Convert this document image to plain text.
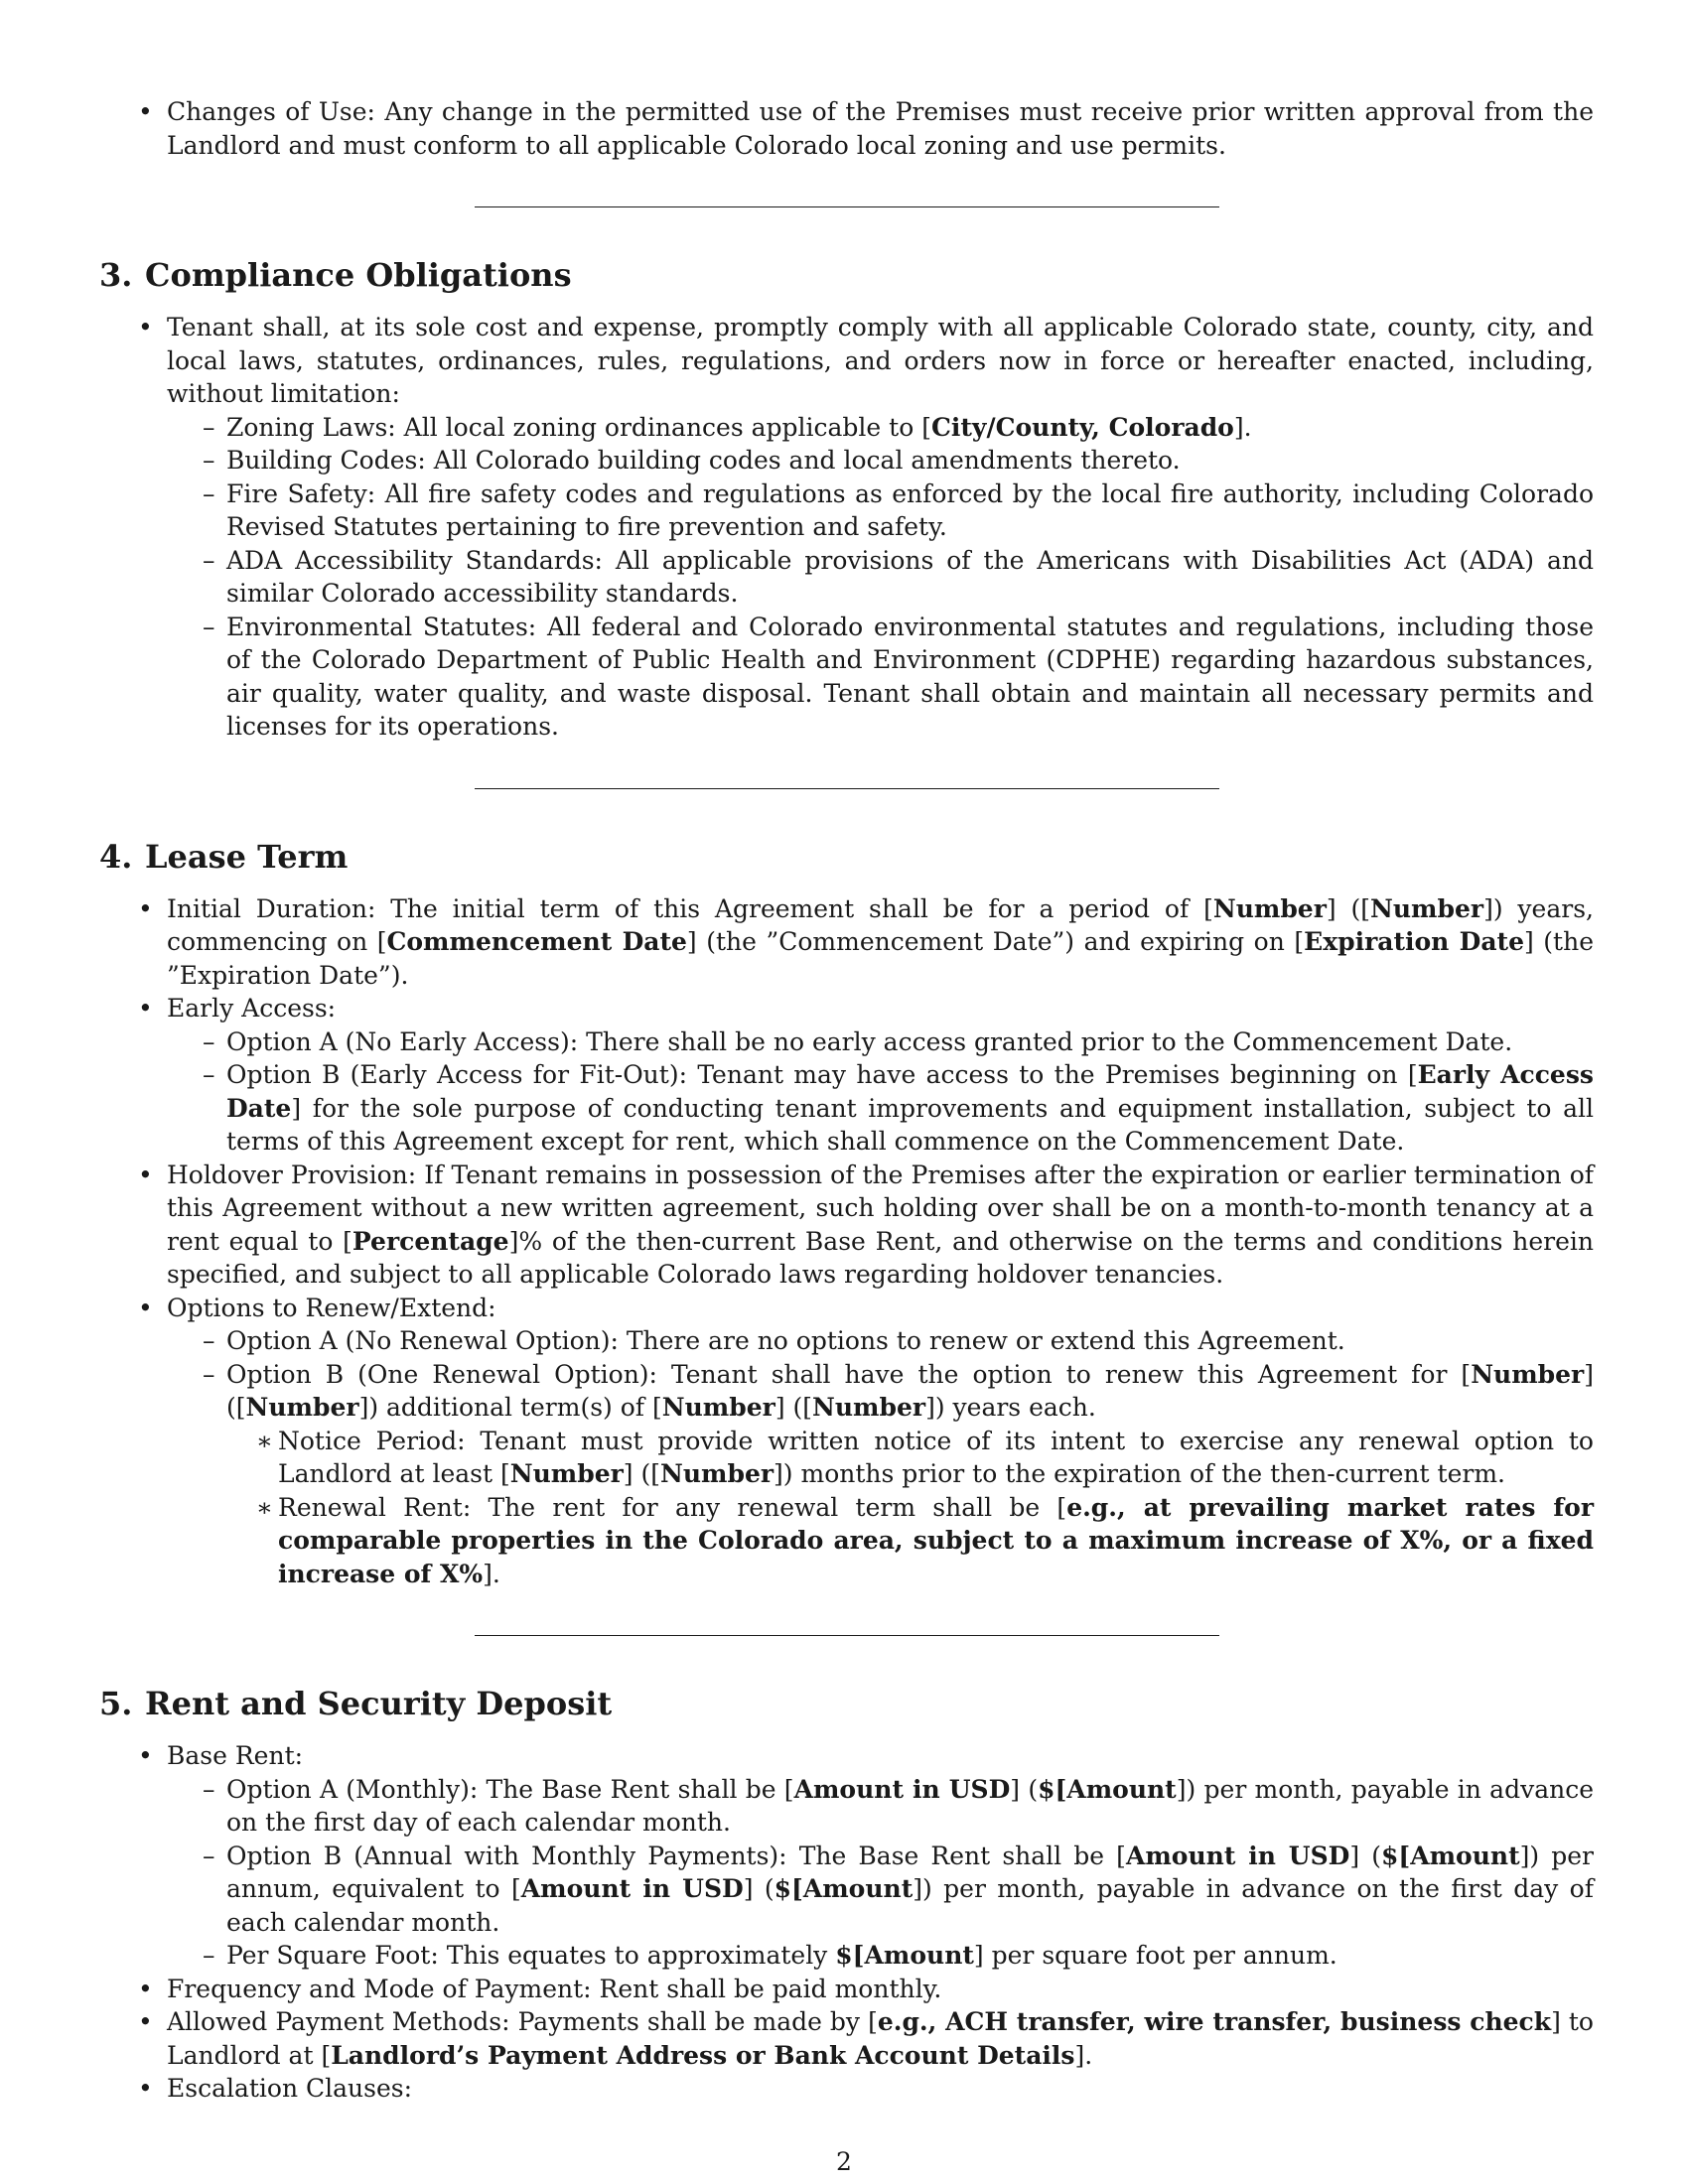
• Changes of Use: Any change in the permitted use of the Premises must receive prior written approval from the Landlord and must conform to all applicable Colorado local zoning and use permits.
3. Compliance Obligations
• Tenant shall, at its sole cost and expense, promptly comply with all applicable Colorado state, county, city, and local laws, statutes, ordinances, rules, regulations, and orders now in force or hereafter enacted, including, without limitation:
– Zoning Laws: All local zoning ordinances applicable to [City/County, Colorado].
– Building Codes: All Colorado building codes and local amendments thereto.
– Fire Safety: All fire safety codes and regulations as enforced by the local fire authority, including Colorado Revised Statutes pertaining to fire prevention and safety.
– ADA Accessibility Standards: All applicable provisions of the Americans with Disabilities Act (ADA) and similar Colorado accessibility standards.
– Environmental Statutes: All federal and Colorado environmental statutes and regulations, including those of the Colorado Department of Public Health and Environment (CDPHE) regarding hazardous substances, air quality, water quality, and waste disposal. Tenant shall obtain and maintain all necessary permits and licenses for its operations.
4. Lease Term
• Initial Duration: The initial term of this Agreement shall be for a period of [Number] ([Number]) years, commencing on [Commencement Date] (the ”Commencement Date”) and expiring on [Expiration Date] (the ”Expiration Date”).
• Early Access:
– Option A (No Early Access): There shall be no early access granted prior to the Commencement Date.
– Option B (Early Access for Fit-Out): Tenant may have access to the Premises beginning on [Early Access Date] for the sole purpose of conducting tenant improvements and equipment installation, subject to all terms of this Agreement except for rent, which shall commence on the Commencement Date.
• Holdover Provision: If Tenant remains in possession of the Premises after the expiration or earlier termination of this Agreement without a new written agreement, such holding over shall be on a month-to-month tenancy at a rent equal to [Percentage]% of the then-current Base Rent, and otherwise on the terms and conditions herein specified, and subject to all applicable Colorado laws regarding holdover tenancies.
• Options to Renew/Extend:
– Option A (No Renewal Option): There are no options to renew or extend this Agreement.
– Option B (One Renewal Option): Tenant shall have the option to renew this Agreement for [Number] ([Number]) additional term(s) of [Number] ([Number]) years each.
∗ Notice Period: Tenant must provide written notice of its intent to exercise any renewal option to Landlord at least [Number] ([Number]) months prior to the expiration of the then-current term.
∗ Renewal Rent: The rent for any renewal term shall be [e.g., at prevailing market rates for comparable properties in the Colorado area, subject to a maximum increase of X%, or a fixed increase of X%].
5. Rent and Security Deposit
• Base Rent:
– Option A (Monthly): The Base Rent shall be [Amount in USD] ($[Amount]) per month, payable in advance on the first day of each calendar month.
– Option B (Annual with Monthly Payments): The Base Rent shall be [Amount in USD] ($[Amount]) per annum, equivalent to [Amount in USD] ($[Amount]) per month, payable in advance on the first day of each calendar month.
– Per Square Foot: This equates to approximately $[Amount] per square foot per annum.
• Frequency and Mode of Payment: Rent shall be paid monthly.
• Allowed Payment Methods: Payments shall be made by [e.g., ACH transfer, wire transfer, business check] to Landlord at [Landlord’s Payment Address or Bank Account Details].
• Escalation Clauses:
2
